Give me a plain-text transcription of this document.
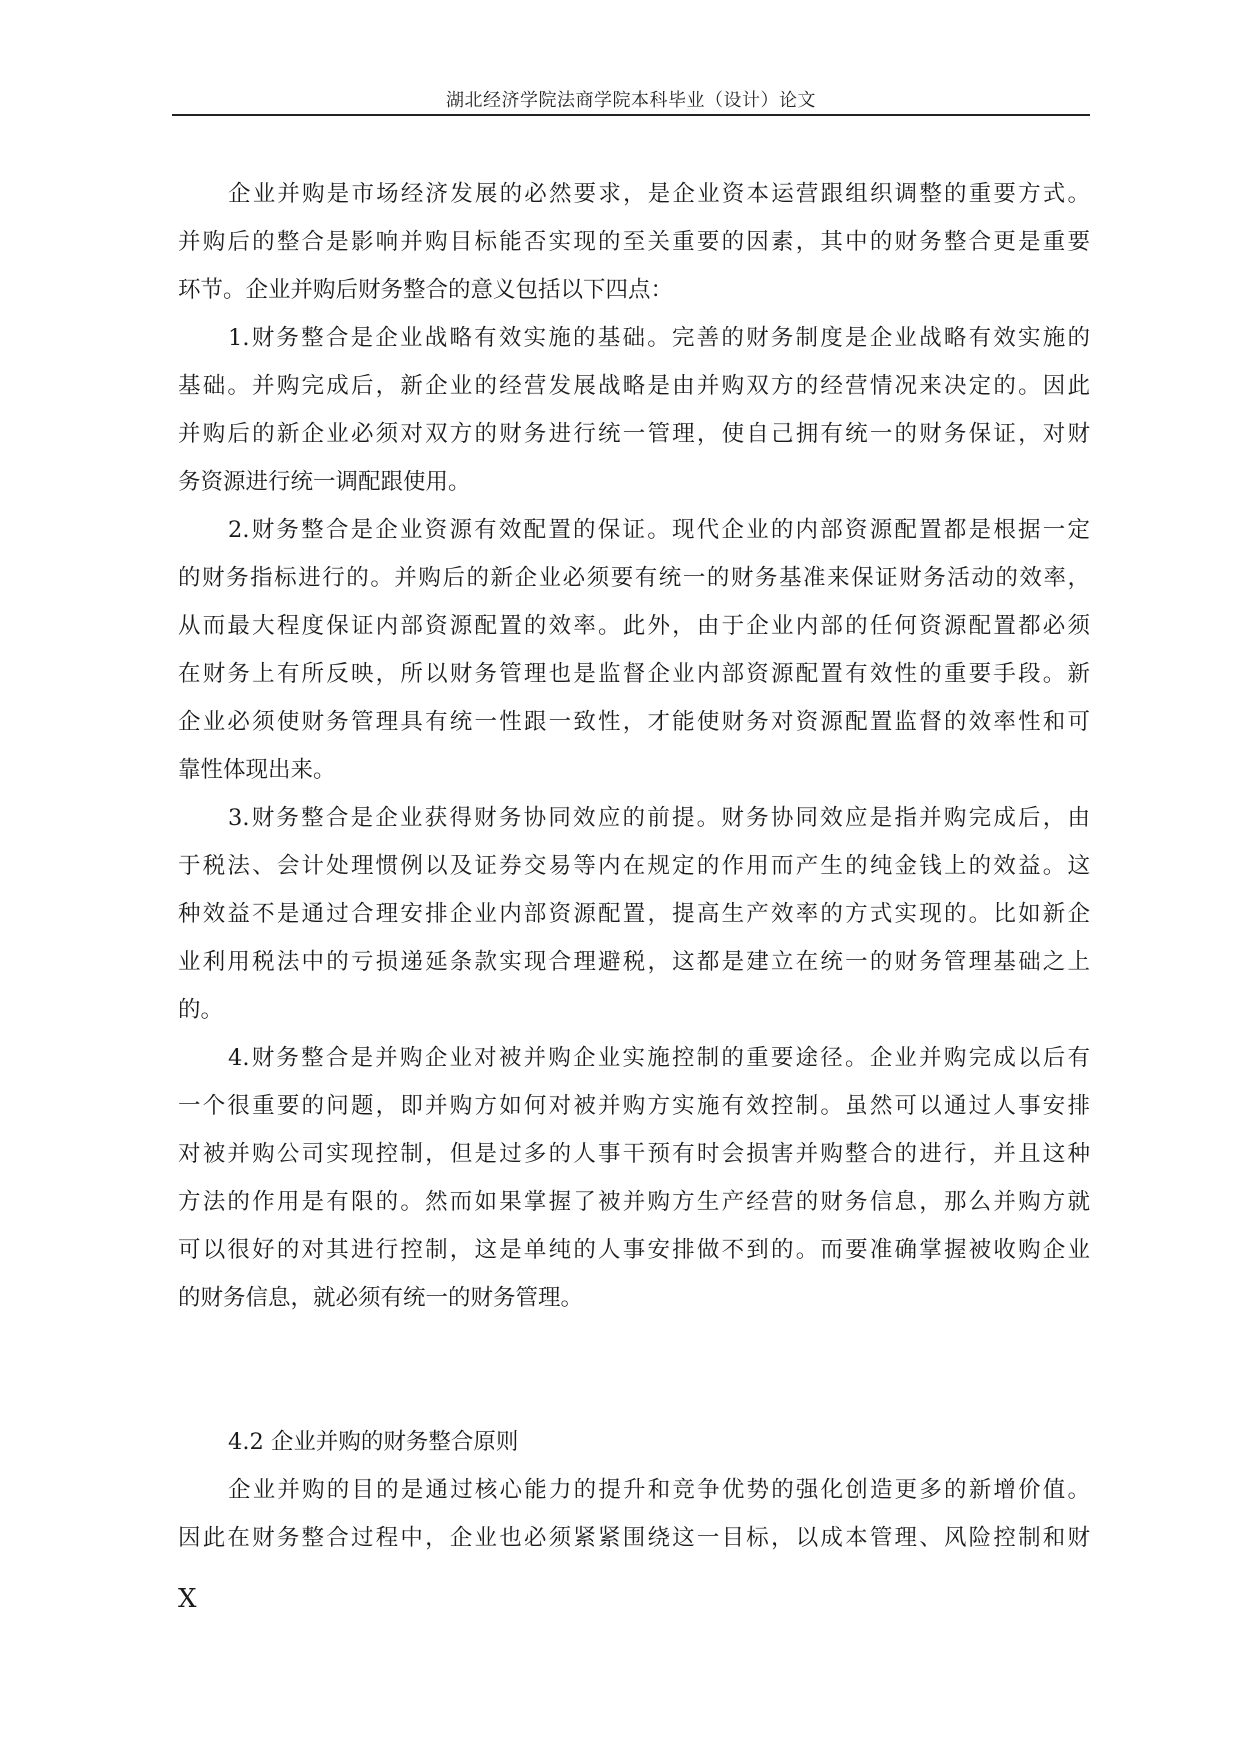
湖北经济学院法商学院本科毕业（设计）论文
企业并购是市场经济发展的必然要求，是企业资本运营跟组织调整的重要方式。
并购后的整合是影响并购目标能否实现的至关重要的因素，其中的财务整合更是重要
环节。企业并购后财务整合的意义包括以下四点：
1.财务整合是企业战略有效实施的基础。完善的财务制度是企业战略有效实施的
基础。并购完成后，新企业的经营发展战略是由并购双方的经营情况来决定的。因此
并购后的新企业必须对双方的财务进行统一管理，使自己拥有统一的财务保证，对财
务资源进行统一调配跟使用。
2.财务整合是企业资源有效配置的保证。现代企业的内部资源配置都是根据一定
的财务指标进行的。并购后的新企业必须要有统一的财务基准来保证财务活动的效率，
从而最大程度保证内部资源配置的效率。此外，由于企业内部的任何资源配置都必须
在财务上有所反映，所以财务管理也是监督企业内部资源配置有效性的重要手段。新
企业必须使财务管理具有统一性跟一致性，才能使财务对资源配置监督的效率性和可
靠性体现出来。
3.财务整合是企业获得财务协同效应的前提。财务协同效应是指并购完成后，由
于税法、会计处理惯例以及证券交易等内在规定的作用而产生的纯金钱上的效益。这
种效益不是通过合理安排企业内部资源配置，提高生产效率的方式实现的。比如新企
业利用税法中的亏损递延条款实现合理避税，这都是建立在统一的财务管理基础之上
的。
4.财务整合是并购企业对被并购企业实施控制的重要途径。企业并购完成以后有
一个很重要的问题，即并购方如何对被并购方实施有效控制。虽然可以通过人事安排
对被并购公司实现控制，但是过多的人事干预有时会损害并购整合的进行，并且这种
方法的作用是有限的。然而如果掌握了被并购方生产经营的财务信息，那么并购方就
可以很好的对其进行控制，这是单纯的人事安排做不到的。而要准确掌握被收购企业
的财务信息，就必须有统一的财务管理。
4.2 企业并购的财务整合原则
企业并购的目的是通过核心能力的提升和竞争优势的强化创造更多的新增价值。
因此在财务整合过程中，企业也必须紧紧围绕这一目标，以成本管理、风险控制和财
X
